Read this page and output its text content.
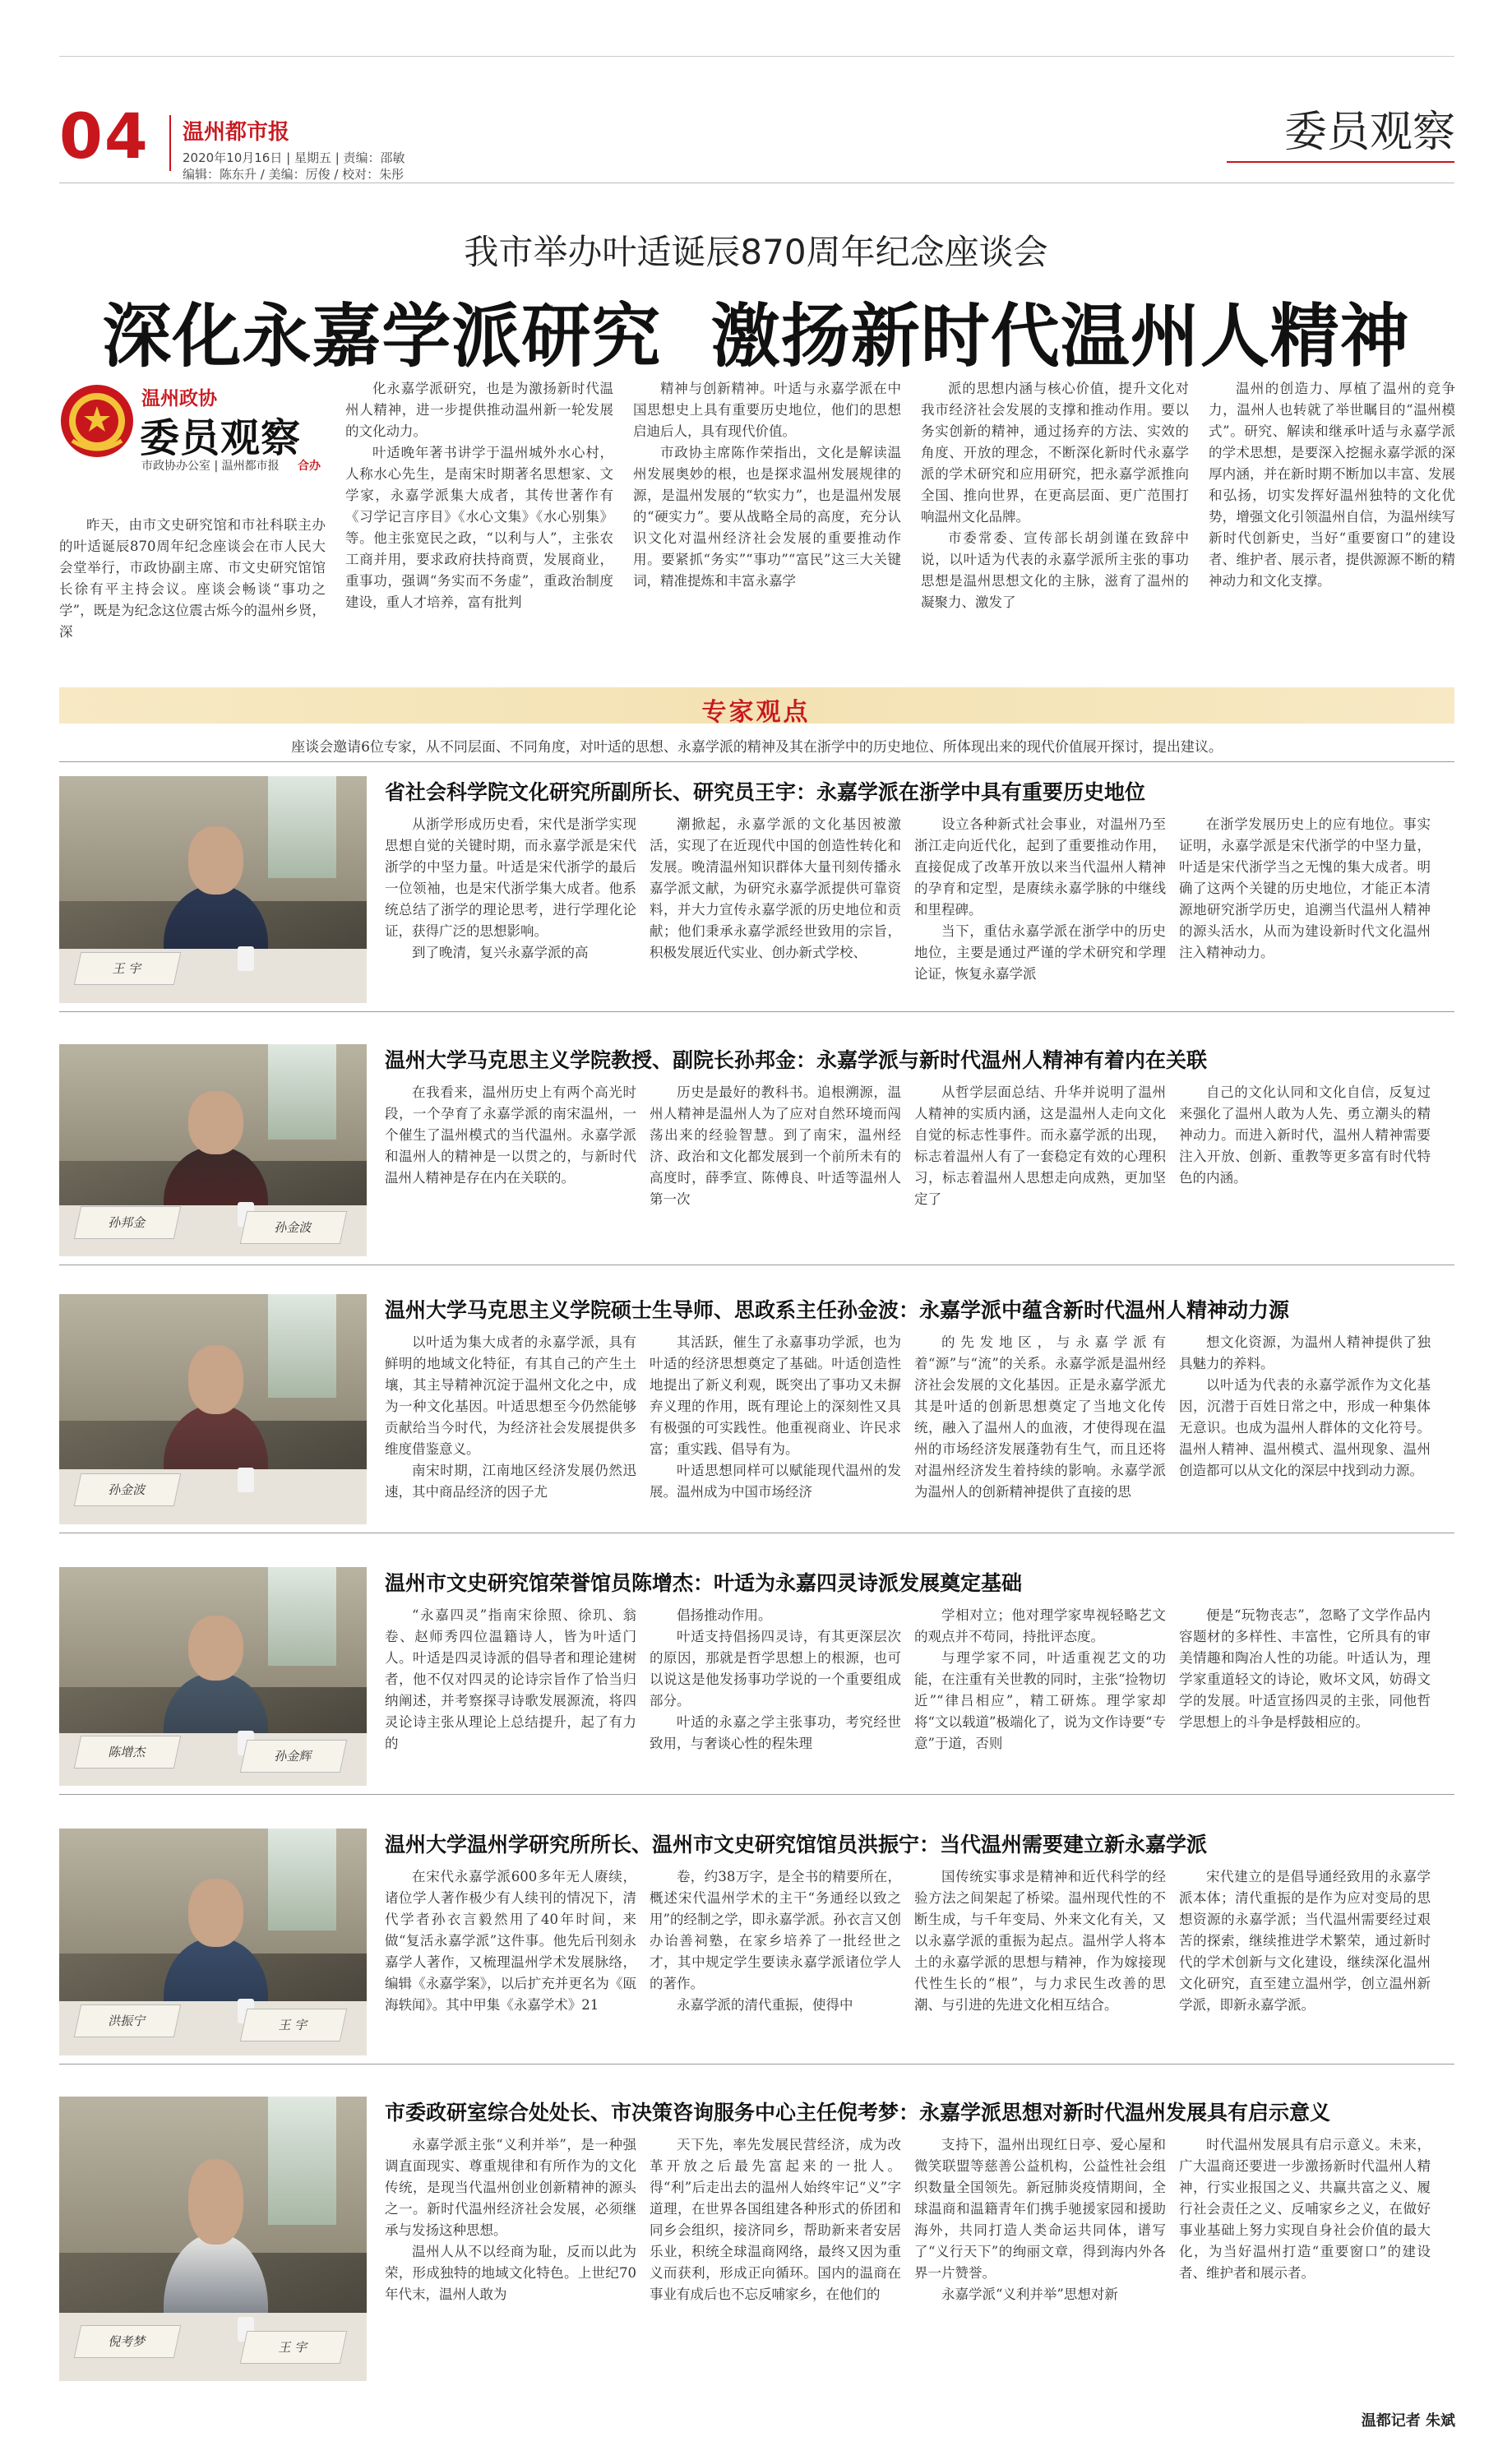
04 温州都市报
2020年10月16日 | 星期五 | 责编：邵敏
编辑：陈东升 / 美编：厉俊 / 校对：朱彤
委员观察
我市举办叶适诞辰870周年纪念座谈会
深化永嘉学派研究  激扬新时代温州人精神
温州政协
委员观察
市政协办公室 | 温州都市报 合办

昨天，由市文史研究馆和市社科联主办的叶适诞辰870周年纪念座谈会在市人民大会堂举行，市政协副主席、市文史研究馆馆长徐有平主持会议。座谈会畅谈“事功之学”，既是为纪念这位震古烁今的温州乡贤，深

化永嘉学派研究，也是为激扬新时代温州人精神，进一步提供推动温州新一轮发展的文化动力。

叶适晚年著书讲学于温州城外水心村，人称水心先生，是南宋时期著名思想家、文学家，永嘉学派集大成者，其传世著作有《习学记言序目》《水心文集》《水心别集》等。他主张宽民之政，“以利与人”，主张农工商并用，要求政府扶持商贾，发展商业，重事功，强调“务实而不务虚”，重政治制度建设，重人才培养，富有批判

精神与创新精神。叶适与永嘉学派在中国思想史上具有重要历史地位，他们的思想启迪后人，具有现代价值。

市政协主席陈作荣指出，文化是解读温州发展奥妙的根，也是探求温州发展规律的源，是温州发展的“软实力”，也是温州发展的“硬实力”。要从战略全局的高度，充分认识文化对温州经济社会发展的重要推动作用。要紧抓“务实”“事功”“富民”这三大关键词，精准提炼和丰富永嘉学

派的思想内涵与核心价值，提升文化对我市经济社会发展的支撑和推动作用。要以务实创新的精神，通过扬弃的方法、实效的角度、开放的理念，不断深化新时代永嘉学派的学术研究和应用研究，把永嘉学派推向全国、推向世界，在更高层面、更广范围打响温州文化品牌。

市委常委、宣传部长胡剑谨在致辞中说，以叶适为代表的永嘉学派所主张的事功思想是温州思想文化的主脉，滋育了温州的凝聚力、激发了

温州的创造力、厚植了温州的竞争力，温州人也转就了举世瞩目的“温州模式”。研究、解读和继承叶适与永嘉学派的学术思想，是要深入挖掘永嘉学派的深厚内涵，并在新时期不断加以丰富、发展和弘扬，切实发挥好温州独特的文化优势，增强文化引领温州自信，为温州续写新时代创新史，当好“重要窗口”的建设者、维护者、展示者，提供源源不断的精神动力和文化支撑。

专家观点
座谈会邀请6位专家，从不同层面、不同角度，对叶适的思想、永嘉学派的精神及其在浙学中的历史地位、所体现出来的现代价值展开探讨，提出建议。
王 宇
省社会科学院文化研究所副所长、研究员王宇：永嘉学派在浙学中具有重要历史地位

从浙学形成历史看，宋代是浙学实现思想自觉的关键时期，而永嘉学派是宋代浙学的中坚力量。叶适是宋代浙学的最后一位领袖，也是宋代浙学集大成者。他系统总结了浙学的理论思考，进行学理化论证，获得广泛的思想影响。

到了晚清，复兴永嘉学派的高

潮掀起，永嘉学派的文化基因被激活，实现了在近现代中国的创造性转化和发展。晚清温州知识群体大量刊刻传播永嘉学派文献，为研究永嘉学派提供可靠资料，并大力宣传永嘉学派的历史地位和贡献；他们秉承永嘉学派经世致用的宗旨，积极发展近代实业、创办新式学校、

设立各种新式社会事业，对温州乃至浙江走向近代化，起到了重要推动作用，直接促成了改革开放以来当代温州人精神的孕育和定型，是赓续永嘉学脉的中继线和里程碑。

当下，重估永嘉学派在浙学中的历史地位，主要是通过严谨的学术研究和学理论证，恢复永嘉学派

在浙学发展历史上的应有地位。事实证明，永嘉学派是宋代浙学的中坚力量，叶适是宋代浙学当之无愧的集大成者。明确了这两个关键的历史地位，才能正本清源地研究浙学历史，追溯当代温州人精神的源头活水，从而为建设新时代文化温州注入精神动力。

孙邦金	孙金波
温州大学马克思主义学院教授、副院长孙邦金：永嘉学派与新时代温州人精神有着内在关联

在我看来，温州历史上有两个高光时段，一个孕育了永嘉学派的南宋温州，一个催生了温州模式的当代温州。永嘉学派和温州人的精神是一以贯之的，与新时代温州人精神是存在内在关联的。

历史是最好的教科书。追根溯源，温州人精神是温州人为了应对自然环境而闯荡出来的经验智慧。到了南宋，温州经济、政治和文化都发展到一个前所未有的高度时，薛季宣、陈傅良、叶适等温州人第一次

从哲学层面总结、升华并说明了温州人精神的实质内涵，这是温州人走向文化自觉的标志性事件。而永嘉学派的出现，标志着温州人有了一套稳定有效的心理积习，标志着温州人思想走向成熟，更加坚定了

自己的文化认同和文化自信，反复过来强化了温州人敢为人先、勇立潮头的精神动力。而进入新时代，温州人精神需要注入开放、创新、重教等更多富有时代特色的内涵。

孙金波
温州大学马克思主义学院硕士生导师、思政系主任孙金波：永嘉学派中蕴含新时代温州人精神动力源

以叶适为集大成者的永嘉学派，具有鲜明的地域文化特征，有其自己的产生土壤，其主导精神沉淀于温州文化之中，成为一种文化基因。叶适思想至今仍然能够贡献给当今时代，为经济社会发展提供多维度借鉴意义。

南宋时期，江南地区经济发展仍然迅速，其中商品经济的因子尤

其活跃，催生了永嘉事功学派，也为叶适的经济思想奠定了基础。叶适创造性地提出了新义利观，既突出了事功又未摒弃义理的作用，既有理论上的深刻性又具有极强的可实践性。他重视商业、许民求富；重实践、倡导有为。

叶适思想同样可以赋能现代温州的发展。温州成为中国市场经济

的先发地区，与永嘉学派有着“源”与“流”的关系。永嘉学派是温州经济社会发展的文化基因。正是永嘉学派尤其是叶适的创新思想奠定了当地文化传统，融入了温州人的血液，才使得现在温州的市场经济发展蓬勃有生气，而且还将对温州经济发生着持续的影响。永嘉学派为温州人的创新精神提供了直接的思

想文化资源，为温州人精神提供了独具魅力的养料。

以叶适为代表的永嘉学派作为文化基因，沉潜于百姓日常之中，形成一种集体无意识。也成为温州人群体的文化符号。温州人精神、温州模式、温州现象、温州创造都可以从文化的深层中找到动力源。

陈增杰	孙金辉
温州市文史研究馆荣誉馆员陈增杰：叶适为永嘉四灵诗派发展奠定基础

“永嘉四灵”指南宋徐照、徐玑、翁卷、赵师秀四位温籍诗人，皆为叶适门人。叶适是四灵诗派的倡导者和理论建树者，他不仅对四灵的论诗宗旨作了恰当归纳阐述，并考察探寻诗歌发展源流，将四灵论诗主张从理论上总结提升，起了有力的

倡扬推动作用。

叶适支持倡扬四灵诗，有其更深层次的原因，那就是哲学思想上的根源，也可以说这是他发扬事功学说的一个重要组成部分。

叶适的永嘉之学主张事功，考究经世致用，与奢谈心性的程朱理

学相对立；他对理学家卑视轻略艺文的观点并不苟同，持批评态度。

与理学家不同，叶适重视艺文的功能，在注重有关世教的同时，主张“捡物切近”“律吕相应”，精工研炼。理学家却将“文以载道”极端化了，说为文作诗要“专意”于道，否则

便是“玩物丧志”，忽略了文学作品内容题材的多样性、丰富性，它所具有的审美情趣和陶冶人性的功能。叶适认为，理学家重道轻文的诗论，败坏文风，妨碍文学的发展。叶适宣扬四灵的主张，同他哲学思想上的斗争是桴鼓相应的。

洪振宁	王 宇
温州大学温州学研究所所长、温州市文史研究馆馆员洪振宁：当代温州需要建立新永嘉学派

在宋代永嘉学派600多年无人赓续，诸位学人著作极少有人续刊的情况下，清代学者孙衣言毅然用了40年时间，来做“复活永嘉学派”这件事。他先后刊刻永嘉学人著作，又梳理温州学术发展脉络，编辑《永嘉学案》，以后扩充并更名为《瓯海轶闻》。其中甲集《永嘉学术》21

卷，约38万字，是全书的精要所在，概述宋代温州学术的主干“务通经以致之用”的经制之学，即永嘉学派。孙衣言又创办诒善祠塾，在家乡培养了一批经世之才，其中规定学生要读永嘉学派诸位学人的著作。

永嘉学派的清代重振，使得中

国传统实事求是精神和近代科学的经验方法之间架起了桥梁。温州现代性的不断生成，与千年变局、外来文化有关，又以永嘉学派的重振为起点。温州学人将本土的永嘉学派的思想与精神，作为嫁接现代性生长的“根”，与力求民生改善的思潮、与引进的先进文化相互结合。

宋代建立的是倡导通经致用的永嘉学派本体；清代重振的是作为应对变局的思想资源的永嘉学派；当代温州需要经过艰苦的探索，继续推进学术繁荣，通过新时代的学术创新与文化建设，继续深化温州文化研究，直至建立温州学，创立温州新学派，即新永嘉学派。

倪考梦	王 宇
市委政研室综合处处长、市决策咨询服务中心主任倪考梦：永嘉学派思想对新时代温州发展具有启示意义

永嘉学派主张“义利并举”，是一种强调直面现实、尊重规律和有所作为的文化传统，是现当代温州创业创新精神的源头之一。新时代温州经济社会发展，必须继承与发扬这种思想。

温州人从不以经商为耻，反而以此为荣，形成独特的地域文化特色。上世纪70年代末，温州人敢为

天下先，率先发展民营经济，成为改革开放之后最先富起来的一批人。得“利”后走出去的温州人始终牢记“义”字道理，在世界各国组建各种形式的侨团和同乡会组织，接济同乡，帮助新来者安居乐业，积统全球温商网络，最终又因为重义而获利，形成正向循环。国内的温商在事业有成后也不忘反哺家乡，在他们的

支持下，温州出现红日亭、爱心屋和微笑联盟等慈善公益机构，公益性社会组织数量全国领先。新冠肺炎疫情期间，全球温商和温籍青年们携手驰援家园和援助海外，共同打造人类命运共同体，谱写了“义行天下”的绚丽文章，得到海内外各界一片赞誉。

永嘉学派“义利并举”思想对新

时代温州发展具有启示意义。未来，广大温商还要进一步激扬新时代温州人精神，行实业报国之义、共赢共富之义、履行社会责任之义、反哺家乡之义，在做好事业基础上努力实现自身社会价值的最大化，为当好温州打造“重要窗口”的建设者、维护者和展示者。

温都记者 朱斌
